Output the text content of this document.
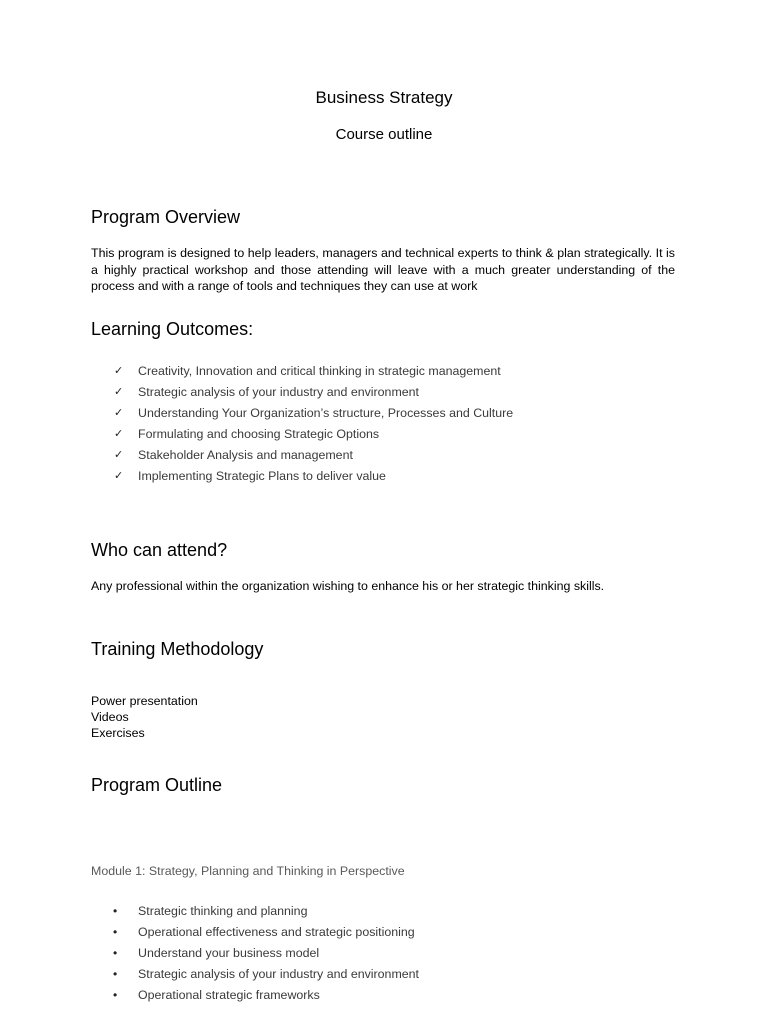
Business Strategy
Course outline
Program Overview

This program is designed to help leaders, managers and technical experts to think & plan strategically. It is a highly practical workshop and those attending will leave with a much greater understanding of the process and with a range of tools and techniques they can use at work

Learning Outcomes:
✓ Creativity, Innovation and critical thinking in strategic management
✓ Strategic analysis of your industry and environment
✓ Understanding Your Organization’s structure, Processes and Culture
✓ Formulating and choosing Strategic Options
✓ Stakeholder Analysis and management
✓ Implementing Strategic Plans to deliver value
Who can attend?

Any professional within the organization wishing to enhance his or her strategic thinking skills.

Training Methodology
Power presentation
Videos
Exercises
Program Outline

Module 1: Strategy, Planning and Thinking in Perspective

• Strategic thinking and planning
• Operational effectiveness and strategic positioning
• Understand your business model
• Strategic analysis of your industry and environment
• Operational strategic frameworks
